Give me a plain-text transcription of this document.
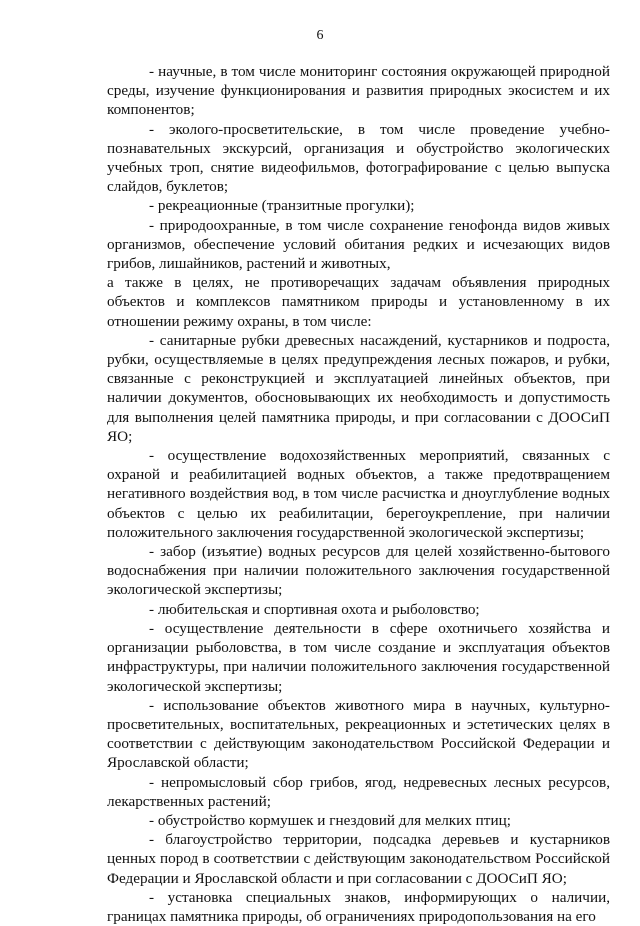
6

- научные, в том числе мониторинг состояния окружающей природной среды, изучение функционирования и развития природных экосистем и их компонентов;

- эколого-просветительские, в том числе проведение учебно-познавательных экскурсий, организация и обустройство экологических учебных троп, снятие видеофильмов, фотографирование с целью выпуска слайдов, буклетов;

- рекреационные (транзитные прогулки);

- природоохранные, в том числе сохранение генофонда видов живых организмов, обеспечение условий обитания редких и исчезающих видов грибов, лишайников, растений и животных,

а также в целях, не противоречащих задачам объявления природных объектов и комплексов памятником природы и установленному в их отношении режиму охраны, в том числе:

- санитарные рубки древесных насаждений, кустарников и подроста, рубки, осуществляемые в целях предупреждения лесных пожаров, и рубки, связанные с реконструкцией и эксплуатацией линейных объектов, при наличии документов, обосновывающих их необходимость и допустимость для выполнения целей памятника природы, и при согласовании с ДООСиП ЯО;

- осуществление водохозяйственных мероприятий, связанных с охраной и реабилитацией водных объектов, а также предотвращением негативного воздействия вод, в том числе расчистка и дноуглубление водных объектов с целью их реабилитации, берегоукрепление, при наличии положительного заключения государственной экологической экспертизы;

- забор (изъятие) водных ресурсов для целей хозяйственно-бытового водоснабжения при наличии положительного заключения государственной экологической экспертизы;

- любительская и спортивная охота и рыболовство;

- осуществление деятельности в сфере охотничьего хозяйства и организации рыболовства, в том числе создание и эксплуатация объектов инфраструктуры, при наличии положительного заключения государственной экологической экспертизы;

- использование объектов животного мира в научных, культурно-просветительных, воспитательных, рекреационных и эстетических целях в соответствии с действующим законодательством Российской Федерации и Ярославской области;

- непромысловый сбор грибов, ягод, недревесных лесных ресурсов, лекарственных растений;

- обустройство кормушек и гнездовий для мелких птиц;

- благоустройство территории, подсадка деревьев и кустарников ценных пород в соответствии с действующим законодательством Российской Федерации и Ярославской области и при согласовании с ДООСиП ЯО;

- установка специальных знаков, информирующих о наличии, границах памятника природы, об ограничениях природопользования на его
